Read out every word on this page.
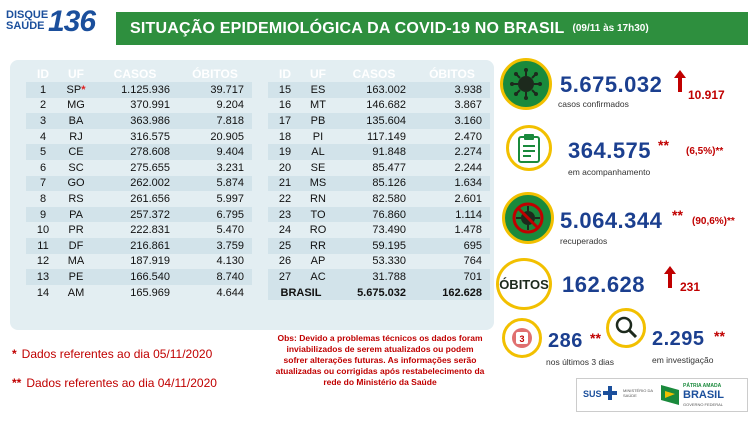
DISQUE
SAÚDE 136 SITUAÇÃO EPIDEMIOLÓGICA DA COVID-19 NO BRASIL (09/11 às 17h30)
ID	UF	CASOS	ÓBITOS
1	SP*	1.125.936	39.717
2	MG	370.991	9.204
3	BA	363.986	7.818
4	RJ	316.575	20.905
5	CE	278.608	9.404
6	SC	275.655	3.231
7	GO	262.002	5.874
8	RS	261.656	5.997
9	PA	257.372	6.795
10	PR	222.831	5.470
11	DF	216.861	3.759
12	MA	187.919	4.130
13	PE	166.540	8.740
14	AM	165.969	4.644
ID	UF	CASOS	ÓBITOS
15	ES	163.002	3.938
16	MT	146.682	3.867
17	PB	135.604	3.160
18	PI	117.149	2.470
19	AL	91.848	2.274
20	SE	85.477	2.244
21	MS	85.126	1.634
22	RN	82.580	2.601
23	TO	76.860	1.114
24	RO	73.490	1.478
25	RR	59.195	695
26	AP	53.330	764
27	AC	31.788	701
BRASIL		5.675.032	162.628
* Dados referentes ao dia 05/11/2020
** Dados referentes ao dia 04/11/2020
Obs: Devido a problemas técnicos os dados foram inviabilizados de serem atualizados ou podem sofrer alterações futuras. As informações serão atualizadas ou corrigidas após restabelecimento da rede do Ministério da Saúde
5.675.032 10.917
casos confirmados
364.575 ** (6,5%)**
em acompanhamento
5.064.344 ** (90,6%)**
recuperados
ÓBITOS 162.628	231
3 286 **
nos últimos 3 dias
2.295 **
em investigação
SUS	MINISTÉRIO DA SAÚDE
PÁTRIA AMADA
BRASIL
GOVERNO FEDERAL
